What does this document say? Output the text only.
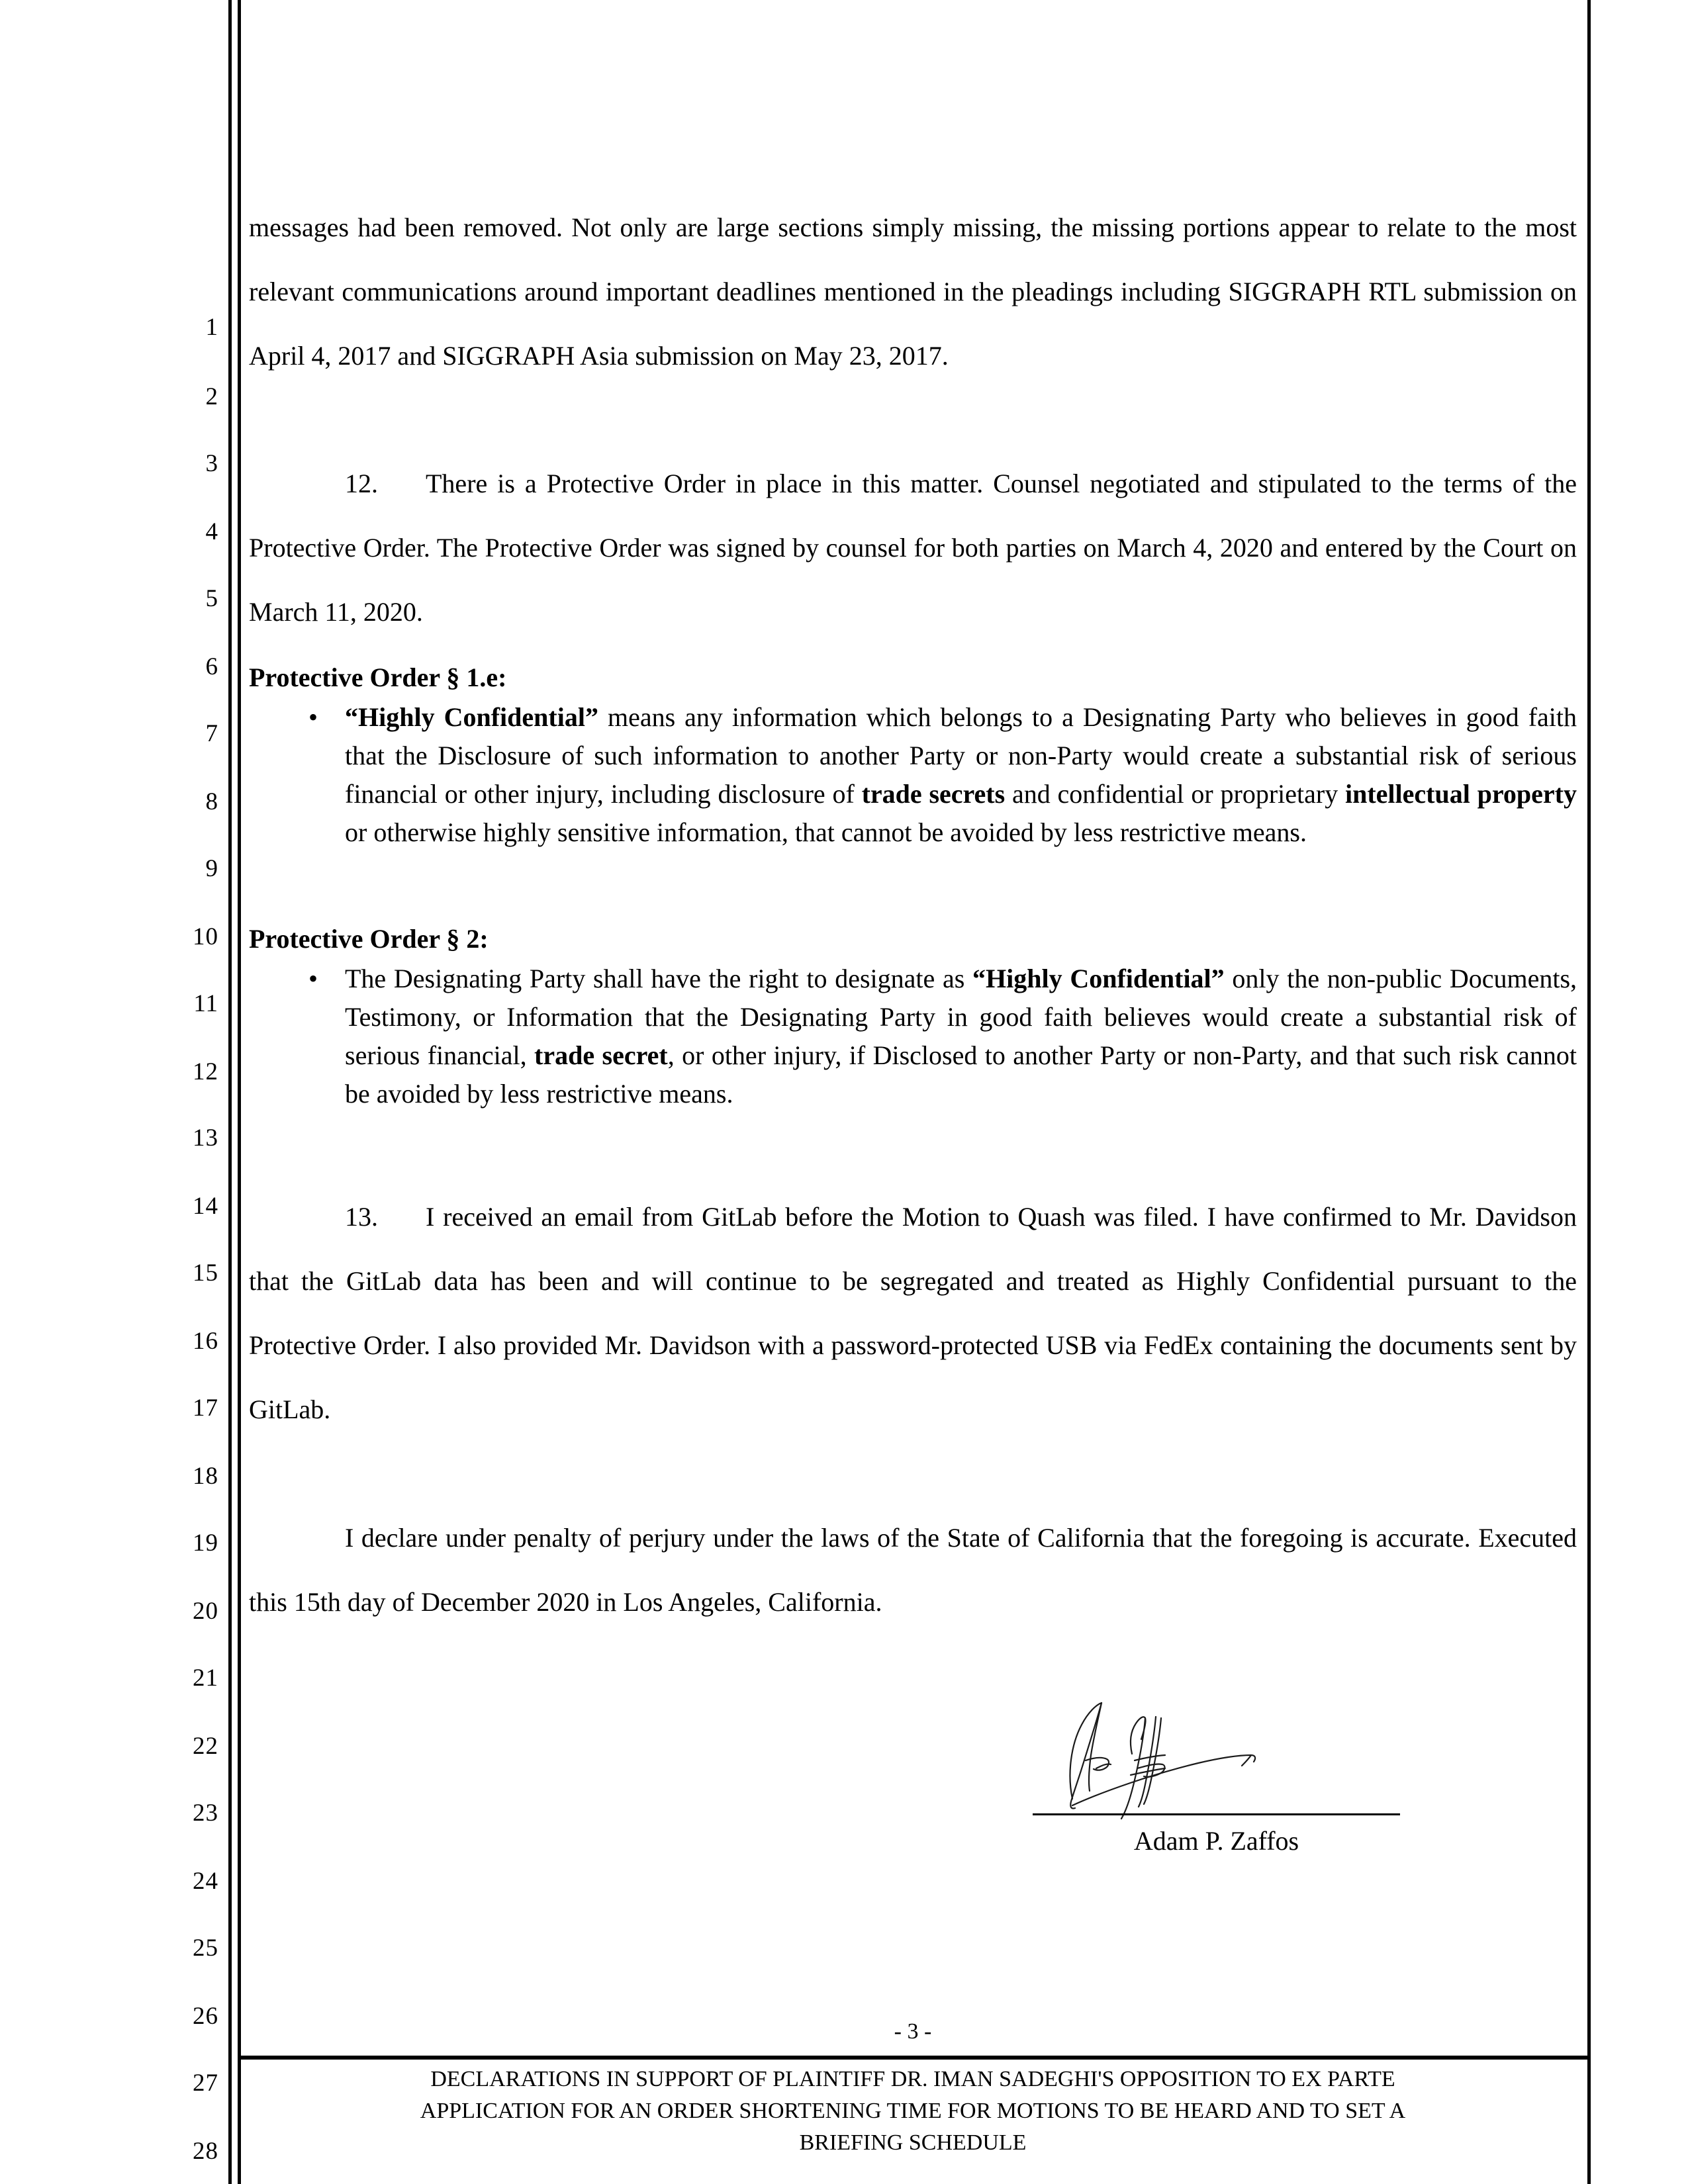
1
2
3
4
5
6
7
8
9
10
11
12
13
14
15
16
17
18
19
20
21
22
23
24
25
26
27
28
messages had been removed. Not only are large sections simply missing, the missing portions appear to relate to the most relevant communications around important deadlines mentioned in the pleadings including SIGGRAPH RTL submission on April 4, 2017 and SIGGRAPH Asia submission on May 23, 2017.
12. There is a Protective Order in place in this matter. Counsel negotiated and stipulated to the terms of the Protective Order. The Protective Order was signed by counsel for both parties on March 4, 2020 and entered by the Court on March 11, 2020.
Protective Order § 1.e:
• “Highly Confidential” means any information which belongs to a Designating Party who believes in good faith that the Disclosure of such information to another Party or non-Party would create a substantial risk of serious financial or other injury, including disclosure of trade secrets and confidential or proprietary intellectual property or otherwise highly sensitive information, that cannot be avoided by less restrictive means.
Protective Order § 2:
• The Designating Party shall have the right to designate as “Highly Confidential” only the non-public Documents, Testimony, or Information that the Designating Party in good faith believes would create a substantial risk of serious financial, trade secret, or other injury, if Disclosed to another Party or non-Party, and that such risk cannot be avoided by less restrictive means.
13. I received an email from GitLab before the Motion to Quash was filed. I have confirmed to Mr. Davidson that the GitLab data has been and will continue to be segregated and treated as Highly Confidential pursuant to the Protective Order. I also provided Mr. Davidson with a password-protected USB via FedEx containing the documents sent by GitLab.
I declare under penalty of perjury under the laws of the State of California that the foregoing is accurate. Executed this 15th day of December 2020 in Los Angeles, California.
Adam P. Zaffos
- 3 -
DECLARATIONS IN SUPPORT OF PLAINTIFF DR. IMAN SADEGHI'S OPPOSITION TO EX PARTE
APPLICATION FOR AN ORDER SHORTENING TIME FOR MOTIONS TO BE HEARD AND TO SET A
BRIEFING SCHEDULE
